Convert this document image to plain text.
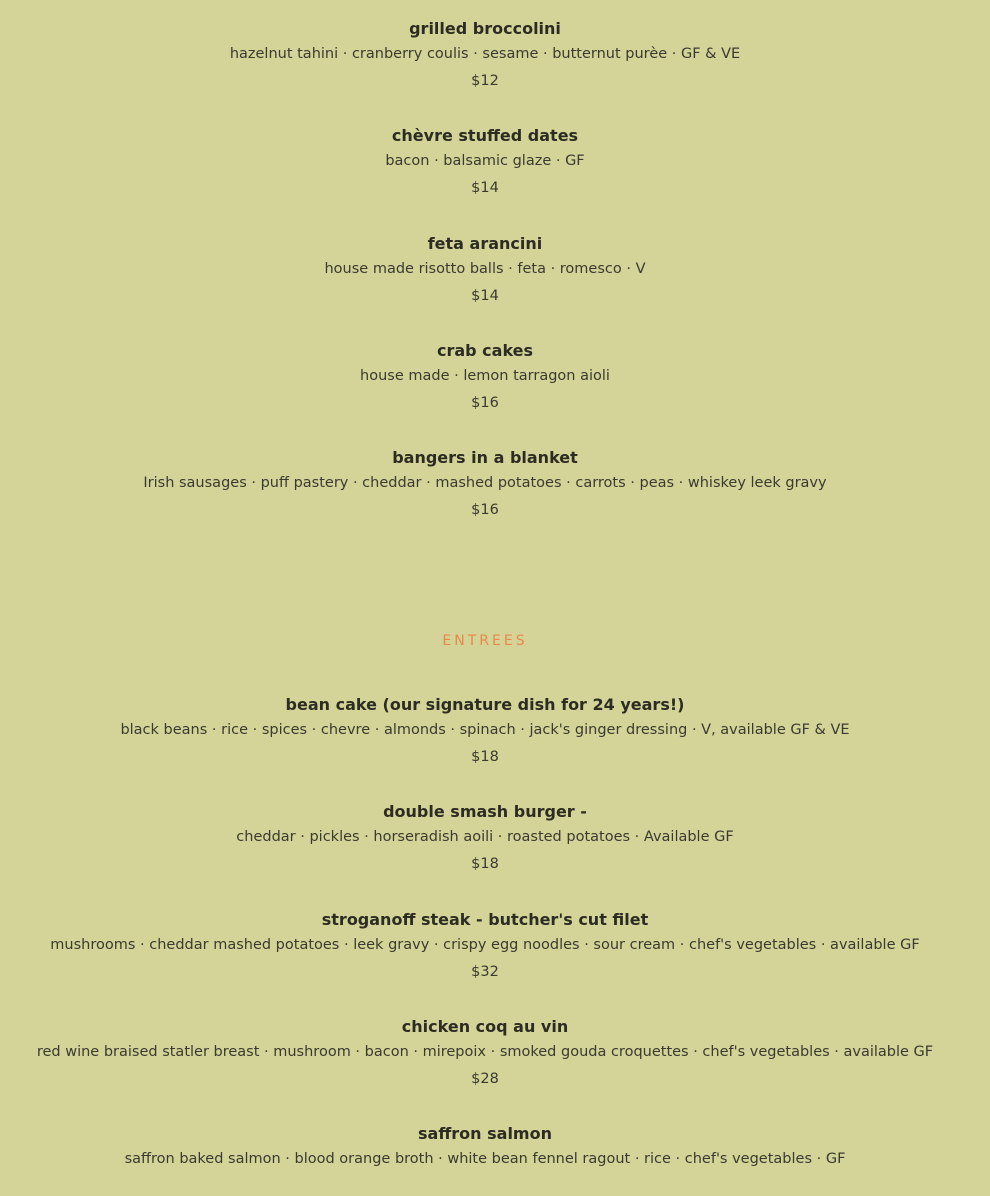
grilled broccolini
hazelnut tahini · cranberry coulis · sesame · butternut purèe · GF & VE
$12
chèvre stuffed dates
bacon · balsamic glaze · GF
$14
feta arancini
house made risotto balls · feta · romesco · V
$14
crab cakes
house made · lemon tarragon aioli
$16
bangers in a blanket
Irish sausages · puff pastery · cheddar · mashed potatoes · carrots · peas · whiskey leek gravy
$16
ENTREES
bean cake (our signature dish for 24 years!)
black beans · rice · spices · chevre · almonds · spinach · jack's ginger dressing · V, available GF & VE
$18
double smash burger -
cheddar · pickles · horseradish aoili · roasted potatoes · Available GF
$18
stroganoff steak - butcher's cut filet
mushrooms · cheddar mashed potatoes · leek gravy · crispy egg noodles · sour cream · chef's vegetables · available GF
$32
chicken coq au vin
red wine braised statler breast · mushroom · bacon · mirepoix · smoked gouda croquettes · chef's vegetables · available GF
$28
saffron salmon
saffron baked salmon · blood orange broth · white bean fennel ragout · rice · chef's vegetables · GF
